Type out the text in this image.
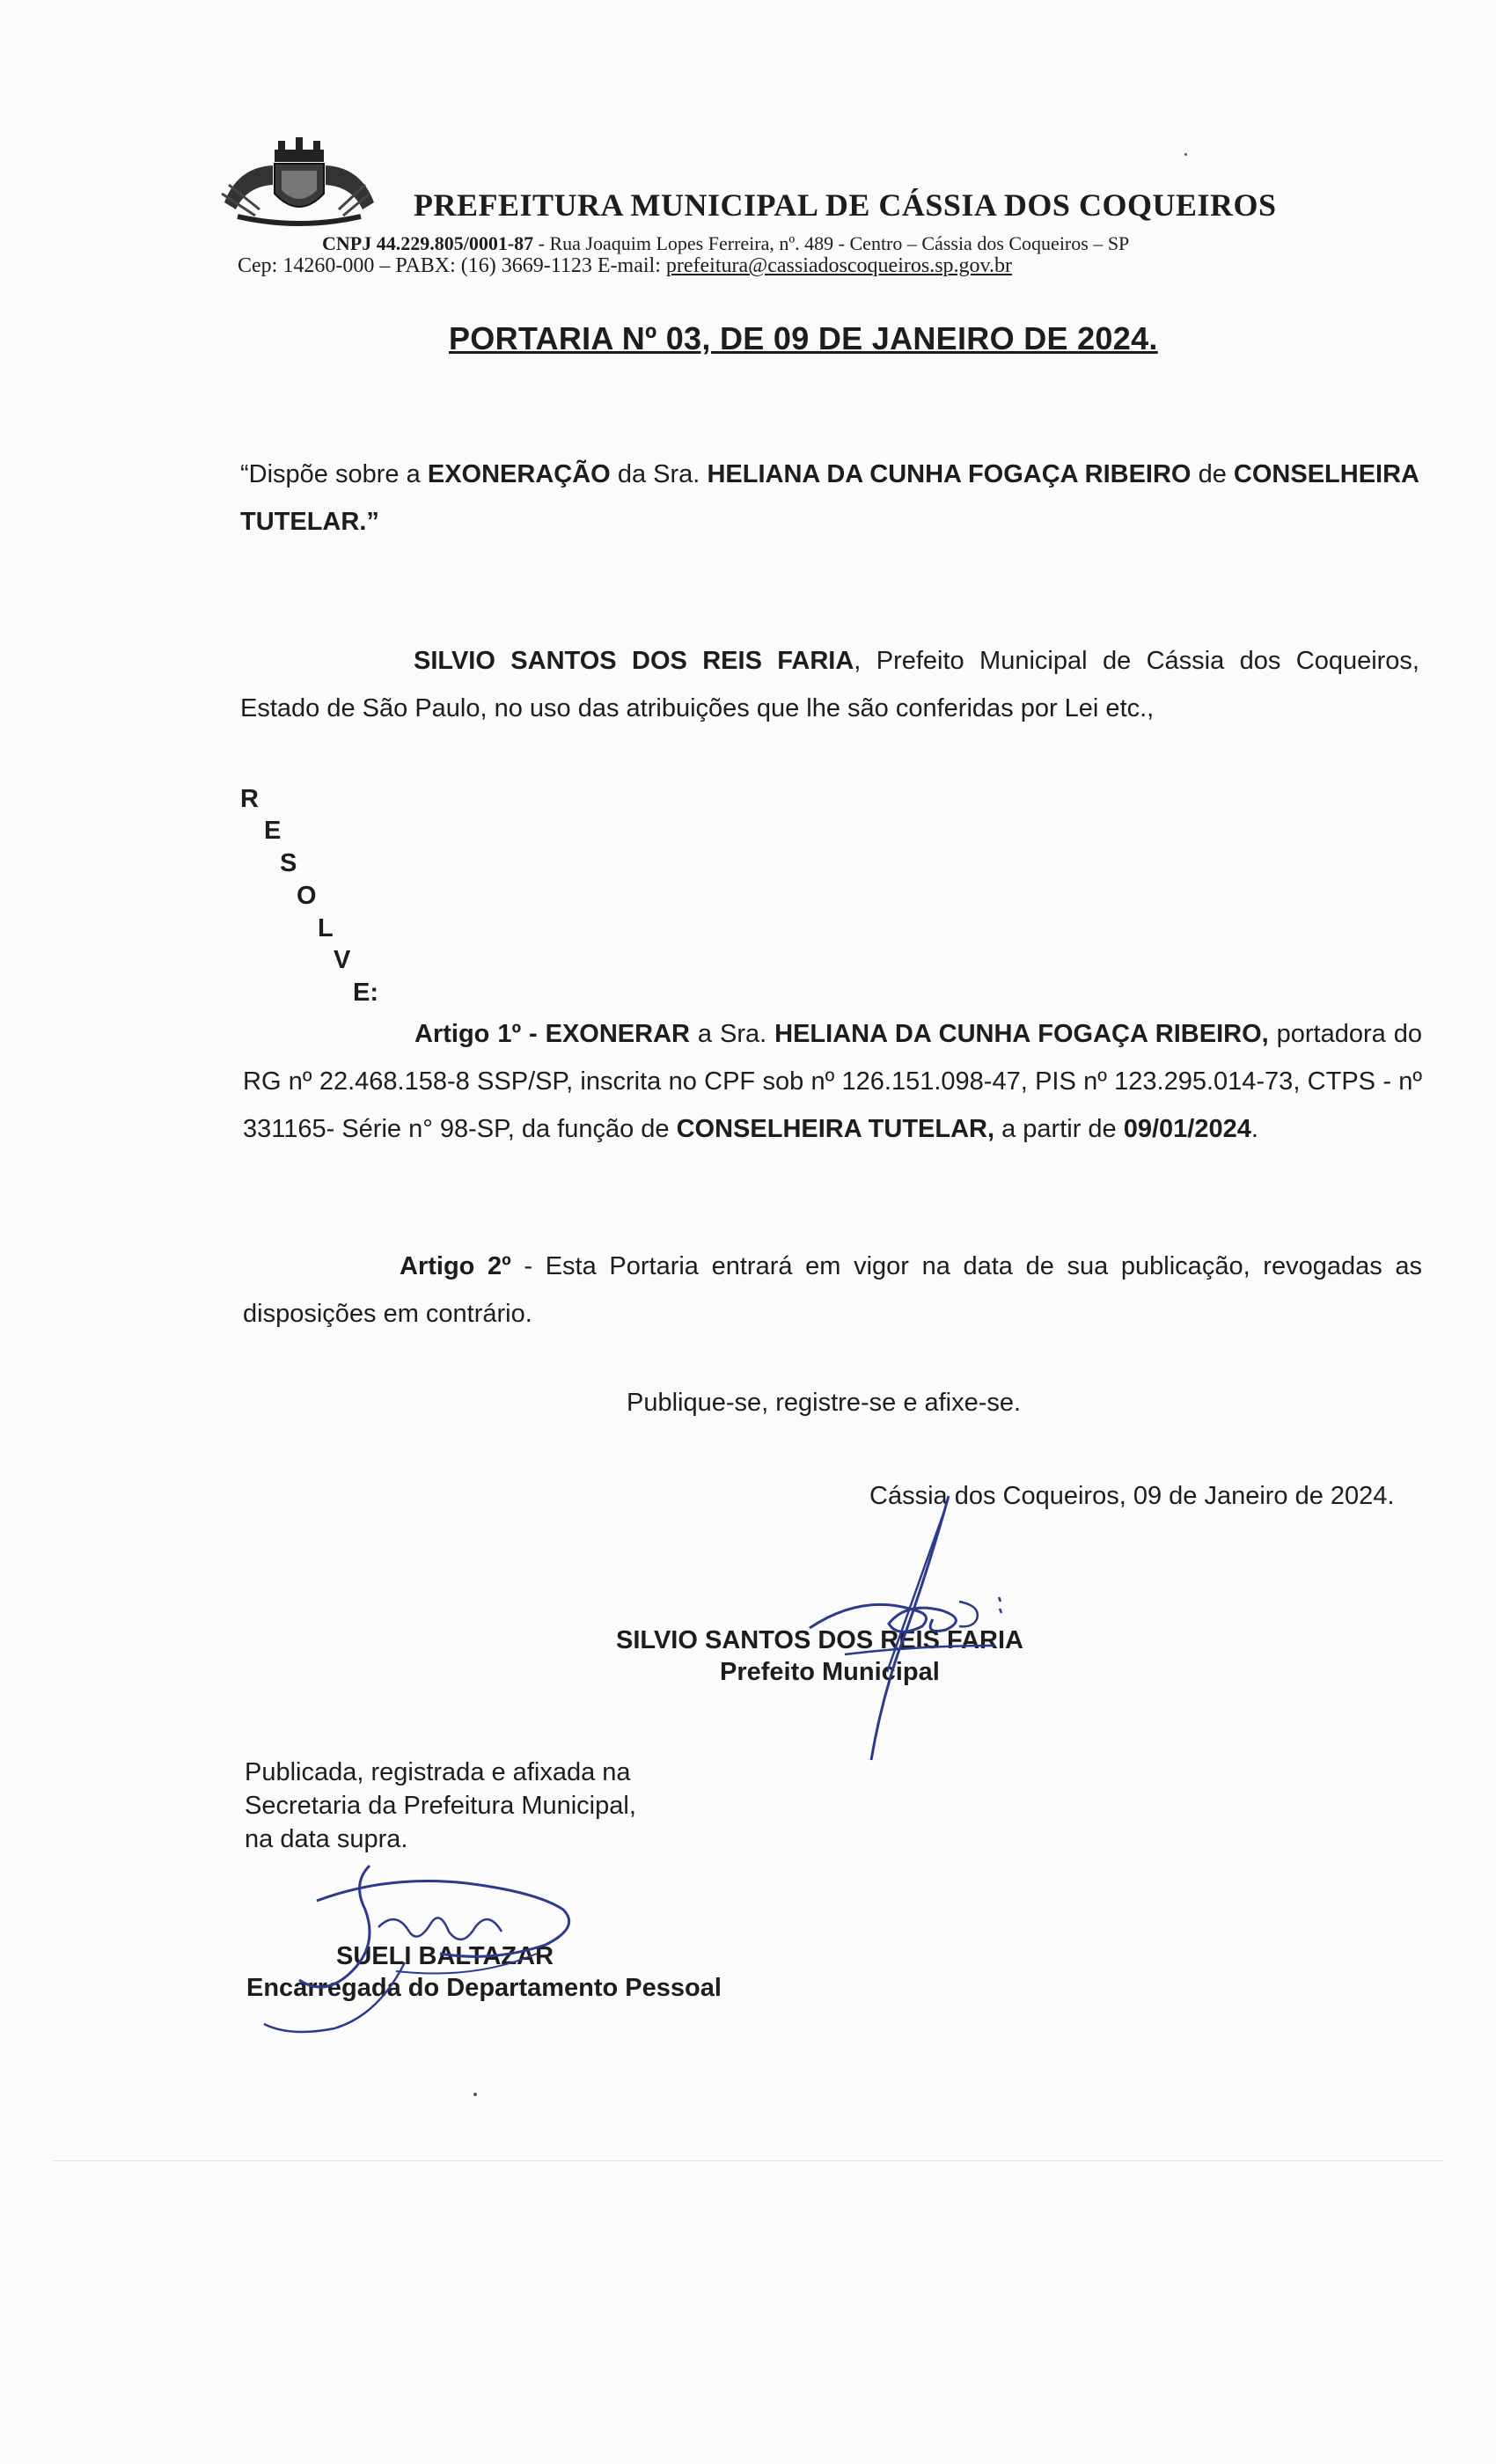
PREFEITURA MUNICIPAL DE CÁSSIA DOS COQUEIROS
CNPJ 44.229.805/0001-87 - Rua Joaquim Lopes Ferreira, nº. 489 - Centro – Cássia dos Coqueiros – SP
Cep: 14260-000 – PABX: (16) 3669-1123 E-mail: prefeitura@cassiadoscoqueiros.sp.gov.br
PORTARIA Nº 03, DE 09 DE JANEIRO DE 2024.
“Dispõe sobre a EXONERAÇÃO da Sra. HELIANA DA CUNHA FOGAÇA RIBEIRO de CONSELHEIRA TUTELAR.”
SILVIO SANTOS DOS REIS FARIA, Prefeito Municipal de Cássia dos Coqueiros, Estado de São Paulo, no uso das atribuições que lhe são conferidas por Lei etc.,
R
E
S
O
L
V
E:
Artigo 1º - EXONERAR a Sra. HELIANA DA CUNHA FOGAÇA RIBEIRO, portadora do RG nº 22.468.158-8 SSP/SP, inscrita no CPF sob nº 126.151.098-47, PIS nº 123.295.014-73, CTPS - nº 331165- Série n° 98-SP, da função de CONSELHEIRA TUTELAR, a partir de 09/01/2024.
Artigo 2º - Esta Portaria entrará em vigor na data de sua publicação, revogadas as disposições em contrário.
Publique-se, registre-se e afixe-se.
Cássia dos Coqueiros, 09 de Janeiro de 2024.
SILVIO SANTOS DOS REIS FARIA
Prefeito Municipal
Publicada, registrada e afixada na
Secretaria da Prefeitura Municipal,
na data supra.
SUELI BALTAZAR
Encarregada do Departamento Pessoal
